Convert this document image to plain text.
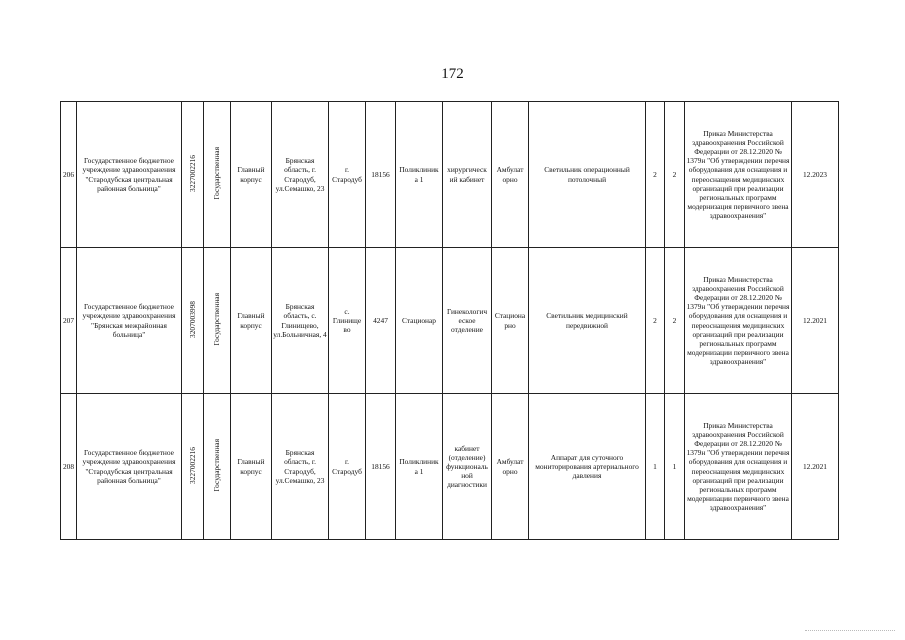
172
206	Государственное бюджетное учреждение здравоохранения "Стародубская центральная районная больница"	3227002216	Государственная	Главный корпус	Брянская область, г. Стародуб, ул.Семашко, 23	г. Стародуб	18156	Поликлиник а 1	хирургическ ий кабинет	Амбулат орно	Светильник операционный потолочный	2	2	Приказ Министерства здравоохранения Российской Федерации от 28.12.2020 № 1379н "Об утверждении перечня оборудования для оснащения и переоснащения медицинских организаций при реализации региональных программ модернизация первичного звена здравоохранения"	12.2023
207	Государственное бюджетное учреждение здравоохранения "Брянская межрайонная больница"	3207003998	Государственная	Главный корпус	Брянская область, с. Глинищево, ул.Больничная, 4	с. Глинище во	4247	Стационар	Гинекологич еское отделение	Стациона рно	Светильник медицинский передвижной	2	2	Приказ Министерства здравоохранения Российской Федерации от 28.12.2020 № 1379н "Об утверждении перечня оборудования для оснащения и переоснащения медицинских организаций при реализации региональных программ модернизации первичного звена здравоохранения"	12.2021
208	Государственное бюджетное учреждение здравоохранения "Стародубская центральная районная больница"	3227002216	Государственная	Главный корпус	Брянская область, г. Стародуб, ул.Семашко, 23	г. Стародуб	18156	Поликлиник а 1	кабинет (отделение) функциональ ной диагностики	Амбулат орно	Аппарат для суточного мониторирования артериального давления	1	1	Приказ Министерства здравоохранения Российской Федерации от 28.12.2020 № 1379н "Об утверждении перечня оборудования для оснащения и переоснащения медицинских организаций при реализации региональных программ модернизации первичного звена здравоохранения"	12.2021
